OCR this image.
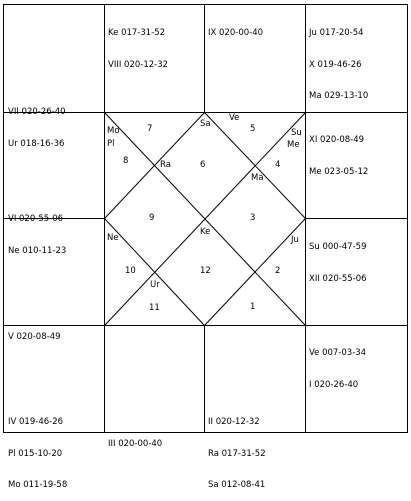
VII 020-26-40

Ur 018-16-36

Ke 017-31-52

VIII 020-12-32

IX 020-00-40

	Ju 017-20-54

X 019-46-26

Ma 029-13-10

XI 020-08-49

Me 023-05-12

Su 000-47-59

XII 020-55-06

Ve 007-03-34

I 020-26-40

II 020-12-32

Ra 017-31-52

Sa 012-08-41

III 020-00-40

IV 019-46-26

Pl 015-10-20

Mo 011-19-58

V 020-08-49

VI 020-55-06

Ne 010-11-23

1
2
3
4
5
6
7
8
9
10
11
12
Sa
Ve
Mo
Pl
Su
Me
Ra
Ma
Ke
Ne	Ju
Ur
